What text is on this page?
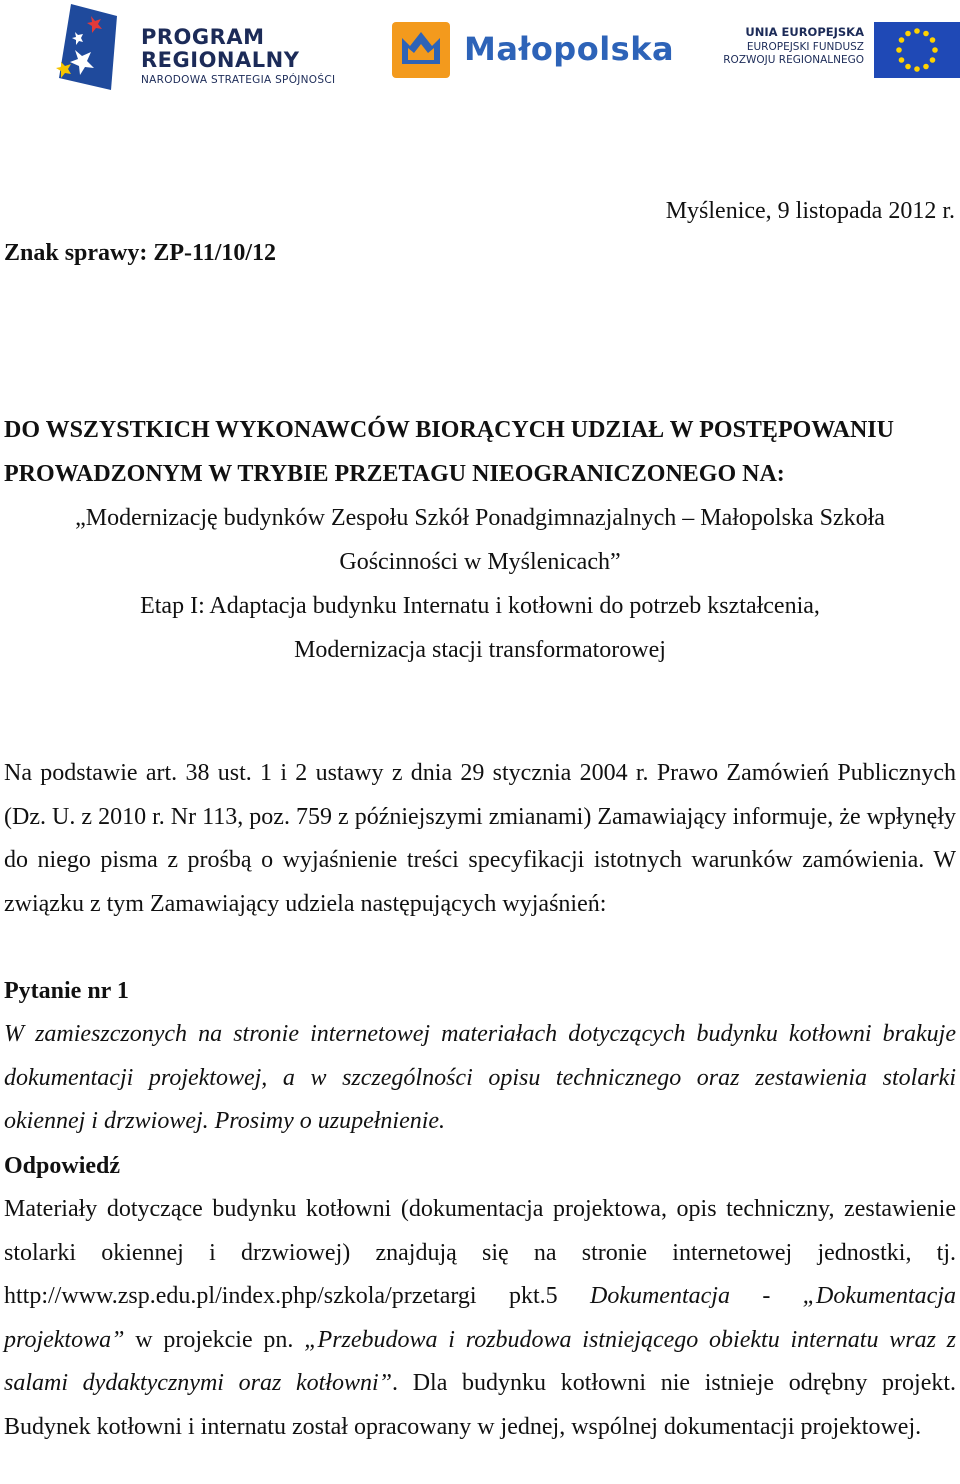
PROGRAM
REGIONALNY
NARODOWA STRATEGIA SPÓJNOŚCI
Małopolska	UNIA EUROPEJSKA
EUROPEJSKI FUNDUSZ
ROZWOJU REGIONALNEGO
Myślenice, 9 listopada 2012 r.
Znak sprawy: ZP-11/10/12
DO WSZYSTKICH WYKONAWCÓW BIORĄCYCH UDZIAŁ W POSTĘPOWANIU
PROWADZONYM W TRYBIE PRZETAGU NIEOGRANICZONEGO NA:
„Modernizację budynków Zespołu Szkół Ponadgimnazjalnych – Małopolska Szkoła
Gościnności w Myślenicach”
Etap I: Adaptacja budynku Internatu i kotłowni do potrzeb kształcenia,
Modernizacja stacji transformatorowej
Na podstawie art. 38 ust. 1 i 2 ustawy z dnia 29 stycznia 2004 r. Prawo Zamówień Publicznych (Dz. U. z 2010 r. Nr 113, poz. 759 z późniejszymi zmianami) Zamawiający informuje, że wpłynęły do niego pisma z prośbą o wyjaśnienie treści specyfikacji istotnych warunków zamówienia. W związku z tym Zamawiający udziela następujących wyjaśnień:
Pytanie nr 1
W zamieszczonych na stronie internetowej materiałach dotyczących budynku kotłowni brakuje dokumentacji projektowej, a w szczególności opisu technicznego oraz zestawienia stolarki okiennej i drzwiowej. Prosimy o uzupełnienie.
Odpowiedź
Materiały dotyczące budynku kotłowni (dokumentacja projektowa, opis techniczny, zestawienie stolarki okiennej i drzwiowej) znajdują się na stronie internetowej jednostki, tj. http://www.zsp.edu.pl/index.php/szkola/przetargi pkt.5 Dokumentacja - „Dokumentacja projektowa” w projekcie pn. „Przebudowa i rozbudowa istniejącego obiektu internatu wraz z salami dydaktycznymi oraz kotłowni”. Dla budynku kotłowni nie istnieje odrębny projekt. Budynek kotłowni i internatu został opracowany w jednej, wspólnej dokumentacji projektowej.
